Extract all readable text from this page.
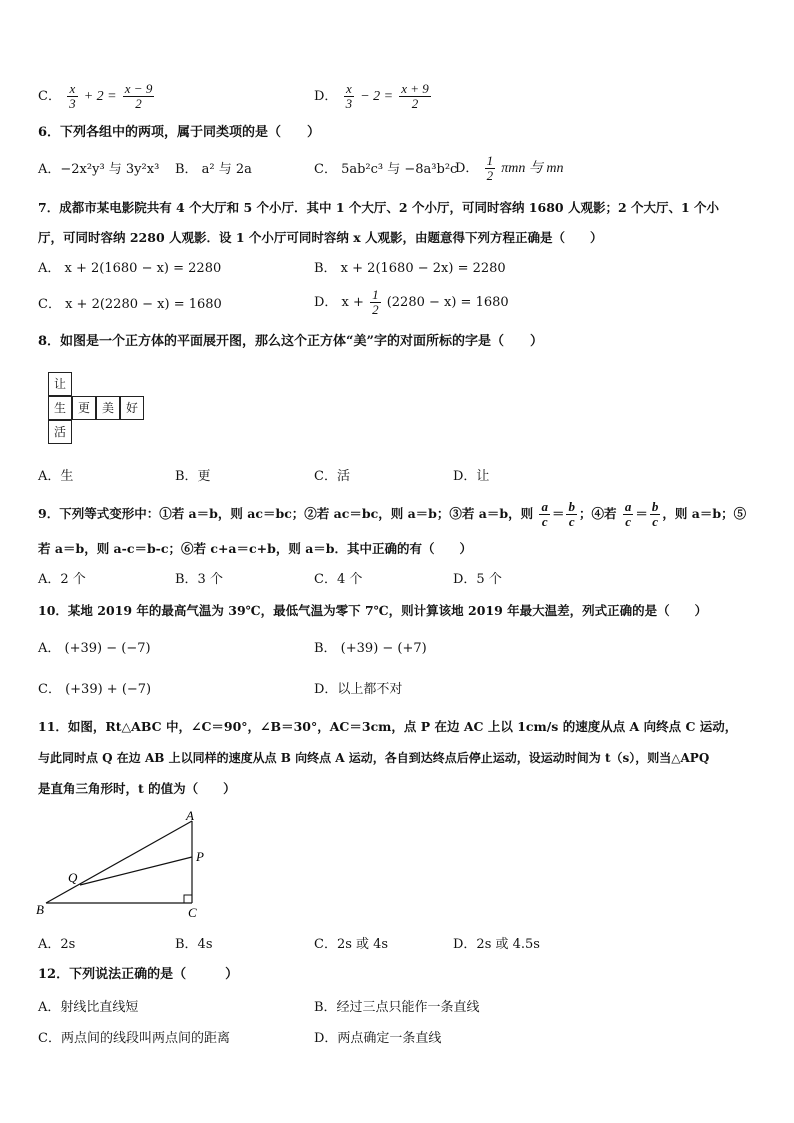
C． $\frac{x}{3} + 2 = \frac{x - 9}{2}$	D． $\frac{x}{3} - 2 = \frac{x + 9}{2}$
6．下列各组中的两项，属于同类项的是（　　）
A．−2x²y³ 与 3y²x³ B． a² 与 2a	C． 5ab²c³ 与 −8a³b²c
D． $\frac{1}{2}$ πmn 与 mn
7．成都市某电影院共有 4 个大厅和 5 个小厅．其中 1 个大厅、2 个小厅，可同时容纳 1680 人观影；2 个大厅、1 个小
厅，可同时容纳 2280 人观影．设 1 个小厅可同时容纳 x 人观影，由题意得下列方程正确是（　　）
A． x + 2(1680 − x) = 2280	B． x + 2(1680 − 2x) = 2280
C． x + 2(2280 − x) = 1680	D． $x + \frac{1}{2} (2280 - x) = 1680$
8．如图是一个正方体的平面展开图，那么这个正方体“美”字的对面所标的字是（　　）
让
生 更 美 好
活
A．生	B．更	C．活	D．让
9．下列等式变形中：①若 a＝b，则 ac＝bc；②若 ac＝bc，则 a＝b；③若 a＝b，则 $\frac{a}{c} = \frac{b}{c}$ ；④若 $\frac{a}{c} = \frac{b}{c}$ ，则 a＝b；⑤
若 a＝b，则 a-c＝b-c；⑥若 c+a＝c+b，则 a＝b．其中正确的有（　　）
A．2 个	B．3 个	C．4 个	D．5 个
10．某地 2019 年的最高气温为 39℃，最低气温为零下 7℃，则计算该地 2019 年最大温差，列式正确的是（　　）
A． (+39) − (−7)	B． (+39) − (+7)
C． (+39) + (−7)	D．以上都不对
11．如图，Rt△ABC 中，∠C＝90°，∠B＝30°，AC＝3cm，点 P 在边 AC 上以 1cm/s 的速度从点 A 向终点 C 运动，
与此同时点 Q 在边 AB 上以同样的速度从点 B 向终点 A 运动，各自到达终点后停止运动，设运动时间为 t（s），则当△APQ
是直角三角形时，t 的值为（　　）
A
B	C
P
Q
A．2s	B．4s	C．2s 或 4s	D．2s 或 4.5s
12．下列说法正确的是（　　　）
A．射线比直线短	B．经过三点只能作一条直线
C．两点间的线段叫两点间的距离	D．两点确定一条直线
